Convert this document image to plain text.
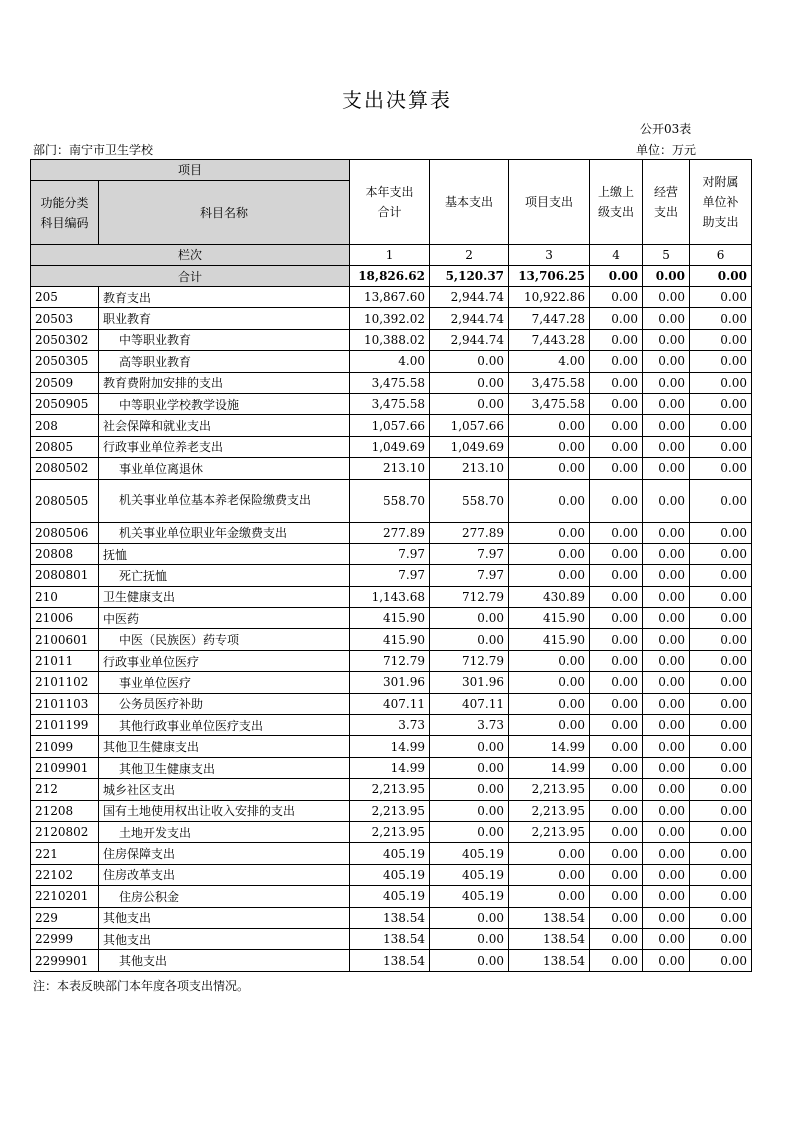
支出决算表
公开03表
部门：南宁市卫生学校	单位：万元
项目		本年支出合计	基本支出	项目支出	上缴上级支出	经营支出	对附属单位补助支出
功能分类科目编码	科目名称						
栏次		1	2	3	4	5	6
合计		18,826.62	5,120.37	13,706.25	0.00	0.00	0.00
205	教育支出	13,867.60	2,944.74	10,922.86	0.00	0.00	0.00
20503	职业教育	10,392.02	2,944.74	7,447.28	0.00	0.00	0.00
2050302	中等职业教育	10,388.02	2,944.74	7,443.28	0.00	0.00	0.00
2050305	高等职业教育	4.00	0.00	4.00	0.00	0.00	0.00
20509	教育费附加安排的支出	3,475.58	0.00	3,475.58	0.00	0.00	0.00
2050905	中等职业学校教学设施	3,475.58	0.00	3,475.58	0.00	0.00	0.00
208	社会保障和就业支出	1,057.66	1,057.66	0.00	0.00	0.00	0.00
20805	行政事业单位养老支出	1,049.69	1,049.69	0.00	0.00	0.00	0.00
2080502	事业单位离退休	213.10	213.10	0.00	0.00	0.00	0.00
2080505	机关事业单位基本养老保险缴费支出	558.70	558.70	0.00	0.00	0.00	0.00
2080506	机关事业单位职业年金缴费支出	277.89	277.89	0.00	0.00	0.00	0.00
20808	抚恤	7.97	7.97	0.00	0.00	0.00	0.00
2080801	死亡抚恤	7.97	7.97	0.00	0.00	0.00	0.00
210	卫生健康支出	1,143.68	712.79	430.89	0.00	0.00	0.00
21006	中医药	415.90	0.00	415.90	0.00	0.00	0.00
2100601	中医（民族医）药专项	415.90	0.00	415.90	0.00	0.00	0.00
21011	行政事业单位医疗	712.79	712.79	0.00	0.00	0.00	0.00
2101102	事业单位医疗	301.96	301.96	0.00	0.00	0.00	0.00
2101103	公务员医疗补助	407.11	407.11	0.00	0.00	0.00	0.00
2101199	其他行政事业单位医疗支出	3.73	3.73	0.00	0.00	0.00	0.00
21099	其他卫生健康支出	14.99	0.00	14.99	0.00	0.00	0.00
2109901	其他卫生健康支出	14.99	0.00	14.99	0.00	0.00	0.00
212	城乡社区支出	2,213.95	0.00	2,213.95	0.00	0.00	0.00
21208	国有土地使用权出让收入安排的支出	2,213.95	0.00	2,213.95	0.00	0.00	0.00
2120802	土地开发支出	2,213.95	0.00	2,213.95	0.00	0.00	0.00
221	住房保障支出	405.19	405.19	0.00	0.00	0.00	0.00
22102	住房改革支出	405.19	405.19	0.00	0.00	0.00	0.00
2210201	住房公积金	405.19	405.19	0.00	0.00	0.00	0.00
229	其他支出	138.54	0.00	138.54	0.00	0.00	0.00
22999	其他支出	138.54	0.00	138.54	0.00	0.00	0.00
2299901	其他支出	138.54	0.00	138.54	0.00	0.00	0.00
注：本表反映部门本年度各项支出情况。
